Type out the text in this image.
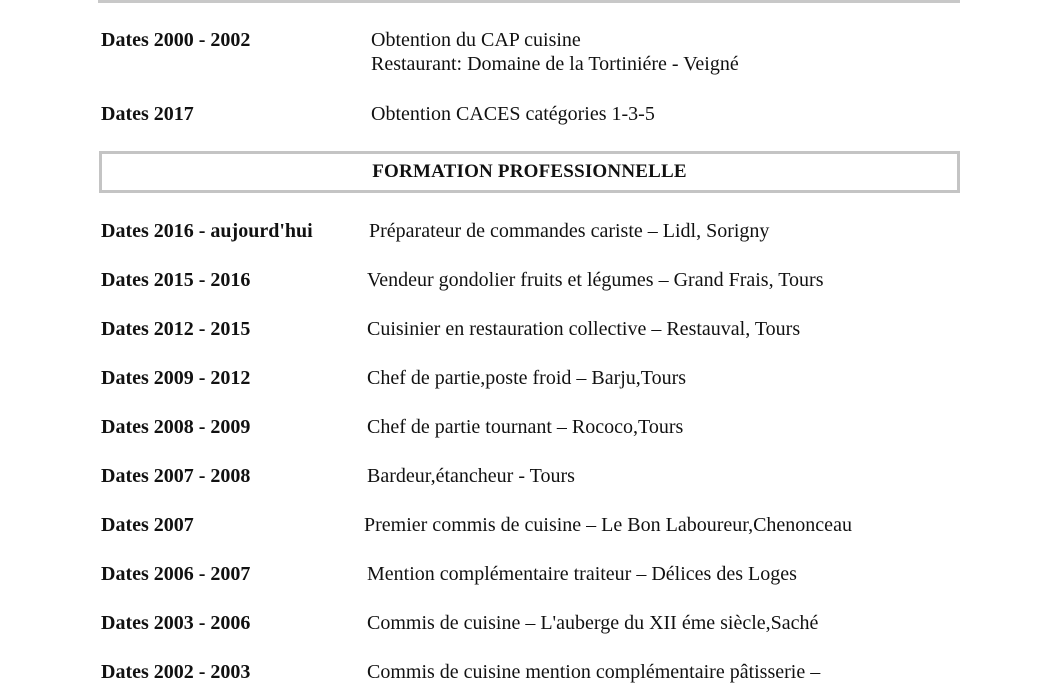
Dates 2000 - 2002	Obtention du CAP cuisine
Restaurant: Domaine de la Tortiniére - Veigné
Dates 2017	Obtention CACES catégories 1-3-5
FORMATION PROFESSIONNELLE
Dates 2016 - aujourd'hui	Préparateur de commandes cariste – Lidl, Sorigny
Dates 2015 - 2016	Vendeur gondolier fruits et légumes – Grand Frais, Tours
Dates 2012 - 2015	Cuisinier en restauration collective – Restauval, Tours
Dates 2009 - 2012	Chef de partie,poste froid – Barju,Tours
Dates 2008 - 2009	Chef de partie tournant – Rococo,Tours
Dates 2007 - 2008	Bardeur,étancheur - Tours
Dates 2007	Premier commis de cuisine – Le Bon Laboureur,Chenonceau
Dates 2006 - 2007	Mention complémentaire traiteur – Délices des Loges
Dates 2003 - 2006	Commis de cuisine – L'auberge du XII éme siècle,Saché
Dates 2002 - 2003	Commis de cuisine mention complémentaire pâtisserie –
